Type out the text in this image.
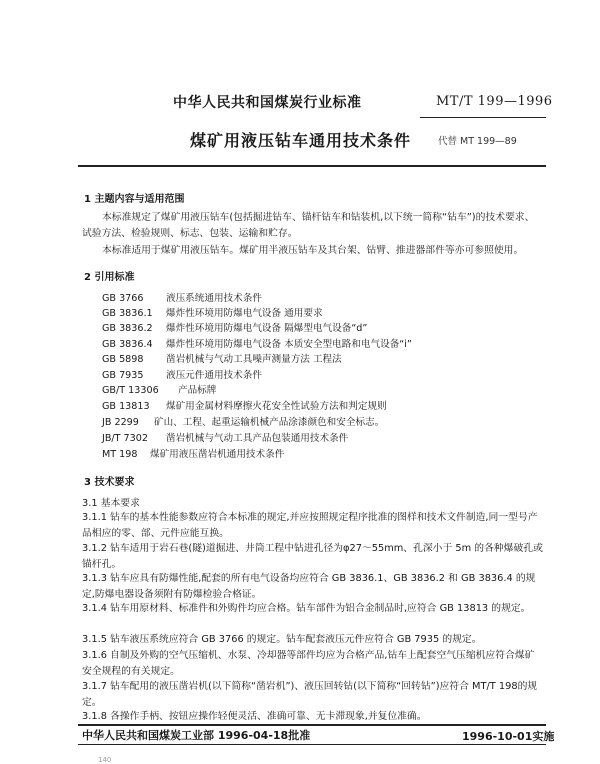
中华人民共和国煤炭行业标准	MT/T 199—1996
煤矿用液压钻车通用技术条件	代替 MT 199—89
1 主题内容与适用范围
本标准规定了煤矿用液压钻车(包括掘进钻车、锚杆钻车和钻装机,以下统一简称“钻车”)的技术要求、试验方法、检验规则、标志、包装、运输和贮存。
本标准适用于煤矿用液压钻车。煤矿用半液压钻车及其台架、钻臂、推进器部件等亦可参照使用。
2 引用标准
GB 3766 液压系统通用技术条件
GB 3836.1 爆炸性环境用防爆电气设备 通用要求
GB 3836.2 爆炸性环境用防爆电气设备 隔爆型电气设备“d”
GB 3836.4 爆炸性环境用防爆电气设备 本质安全型电路和电气设备“i”
GB 5898 凿岩机械与气动工具噪声测量方法 工程法
GB 7935 液压元件通用技术条件
GB/T 13306 产品标牌
GB 13813 煤矿用金属材料摩擦火花安全性试验方法和判定规则
JB 2299 矿山、工程、起重运输机械产品涂漆颜色和安全标志。
JB/T 7302 凿岩机械与气动工具产品包装通用技术条件
MT 198 煤矿用液压凿岩机通用技术条件
3 技术要求
3.1 基本要求
3.1.1 钻车的基本性能参数应符合本标准的规定,并应按照规定程序批准的图样和技术文件制造,同一型号产品相应的零、部、元件应能互换。
3.1.2 钻车适用于岩石巷(隧)道掘进、井筒工程中钻进孔径为φ27～55mm、孔深小于 5m 的各种爆破孔或锚杆孔。
3.1.3 钻车应具有防爆性能,配套的所有电气设备均应符合 GB 3836.1、GB 3836.2 和 GB 3836.4 的规定,防爆电器设备须附有防爆检验合格证。
3.1.4 钻车用原材料、标准件和外购件均应合格。钻车部件为铝合金制品时,应符合 GB 13813 的规定。
3.1.5 钻车液压系统应符合 GB 3766 的规定。钻车配套液压元件应符合 GB 7935 的规定。
3.1.6 自制及外购的空气压缩机、水泵、冷却器等部件均应为合格产品,钻车上配套空气压缩机应符合煤矿安全规程的有关规定。
3.1.7 钻车配用的液压凿岩机(以下简称“凿岩机”)、液压回转钻(以下简称“回转钻”)应符合 MT/T 198的规定。
3.1.8 各操作手柄、按钮应操作轻便灵活、准确可靠、无卡滞现象,并复位准确。
中华人民共和国煤炭工业部 1996-04-18批准	1996-10-01实施
140
